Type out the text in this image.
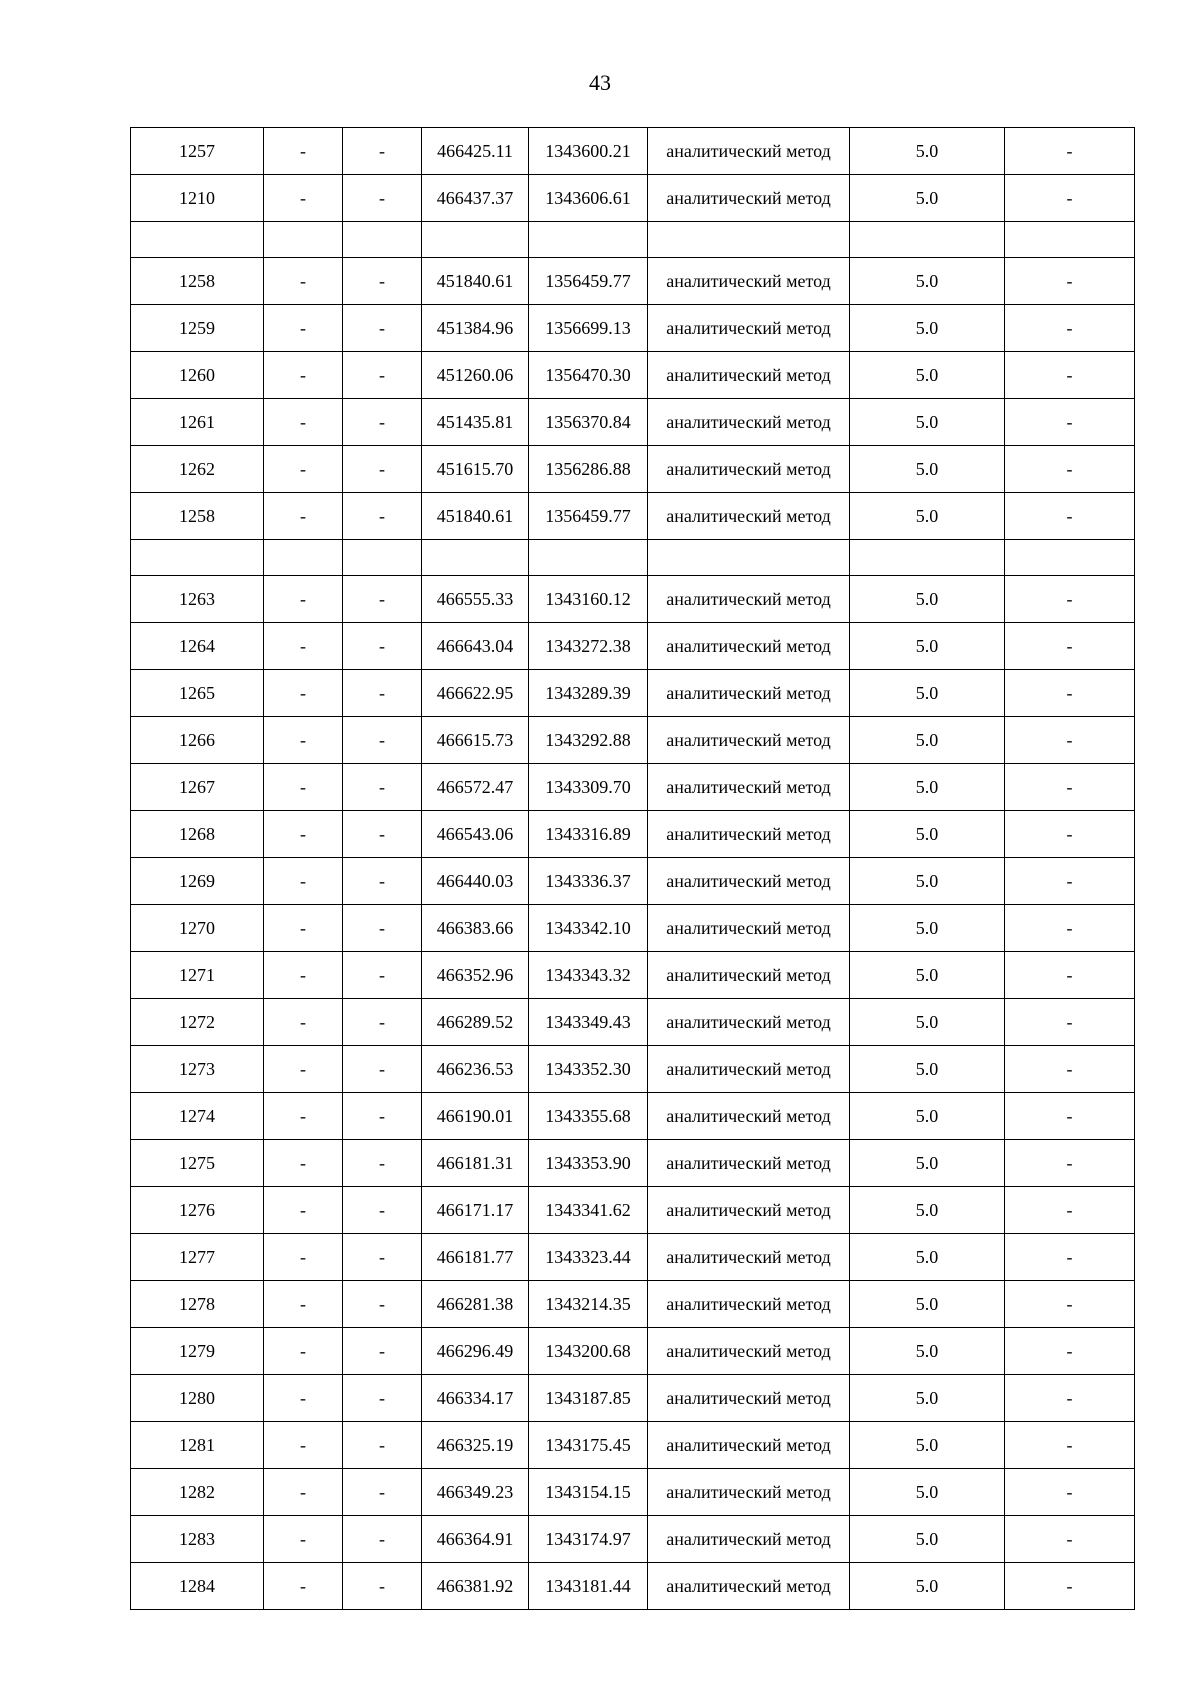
43
1257	-	-	466425.11	1343600.21	аналитический метод	5.0	-
1210	-	-	466437.37	1343606.61	аналитический метод	5.0	-

1258	-	-	451840.61	1356459.77	аналитический метод	5.0	-
1259	-	-	451384.96	1356699.13	аналитический метод	5.0	-
1260	-	-	451260.06	1356470.30	аналитический метод	5.0	-
1261	-	-	451435.81	1356370.84	аналитический метод	5.0	-
1262	-	-	451615.70	1356286.88	аналитический метод	5.0	-
1258	-	-	451840.61	1356459.77	аналитический метод	5.0	-

1263	-	-	466555.33	1343160.12	аналитический метод	5.0	-
1264	-	-	466643.04	1343272.38	аналитический метод	5.0	-
1265	-	-	466622.95	1343289.39	аналитический метод	5.0	-
1266	-	-	466615.73	1343292.88	аналитический метод	5.0	-
1267	-	-	466572.47	1343309.70	аналитический метод	5.0	-
1268	-	-	466543.06	1343316.89	аналитический метод	5.0	-
1269	-	-	466440.03	1343336.37	аналитический метод	5.0	-
1270	-	-	466383.66	1343342.10	аналитический метод	5.0	-
1271	-	-	466352.96	1343343.32	аналитический метод	5.0	-
1272	-	-	466289.52	1343349.43	аналитический метод	5.0	-
1273	-	-	466236.53	1343352.30	аналитический метод	5.0	-
1274	-	-	466190.01	1343355.68	аналитический метод	5.0	-
1275	-	-	466181.31	1343353.90	аналитический метод	5.0	-
1276	-	-	466171.17	1343341.62	аналитический метод	5.0	-
1277	-	-	466181.77	1343323.44	аналитический метод	5.0	-
1278	-	-	466281.38	1343214.35	аналитический метод	5.0	-
1279	-	-	466296.49	1343200.68	аналитический метод	5.0	-
1280	-	-	466334.17	1343187.85	аналитический метод	5.0	-
1281	-	-	466325.19	1343175.45	аналитический метод	5.0	-
1282	-	-	466349.23	1343154.15	аналитический метод	5.0	-
1283	-	-	466364.91	1343174.97	аналитический метод	5.0	-
1284	-	-	466381.92	1343181.44	аналитический метод	5.0	-
